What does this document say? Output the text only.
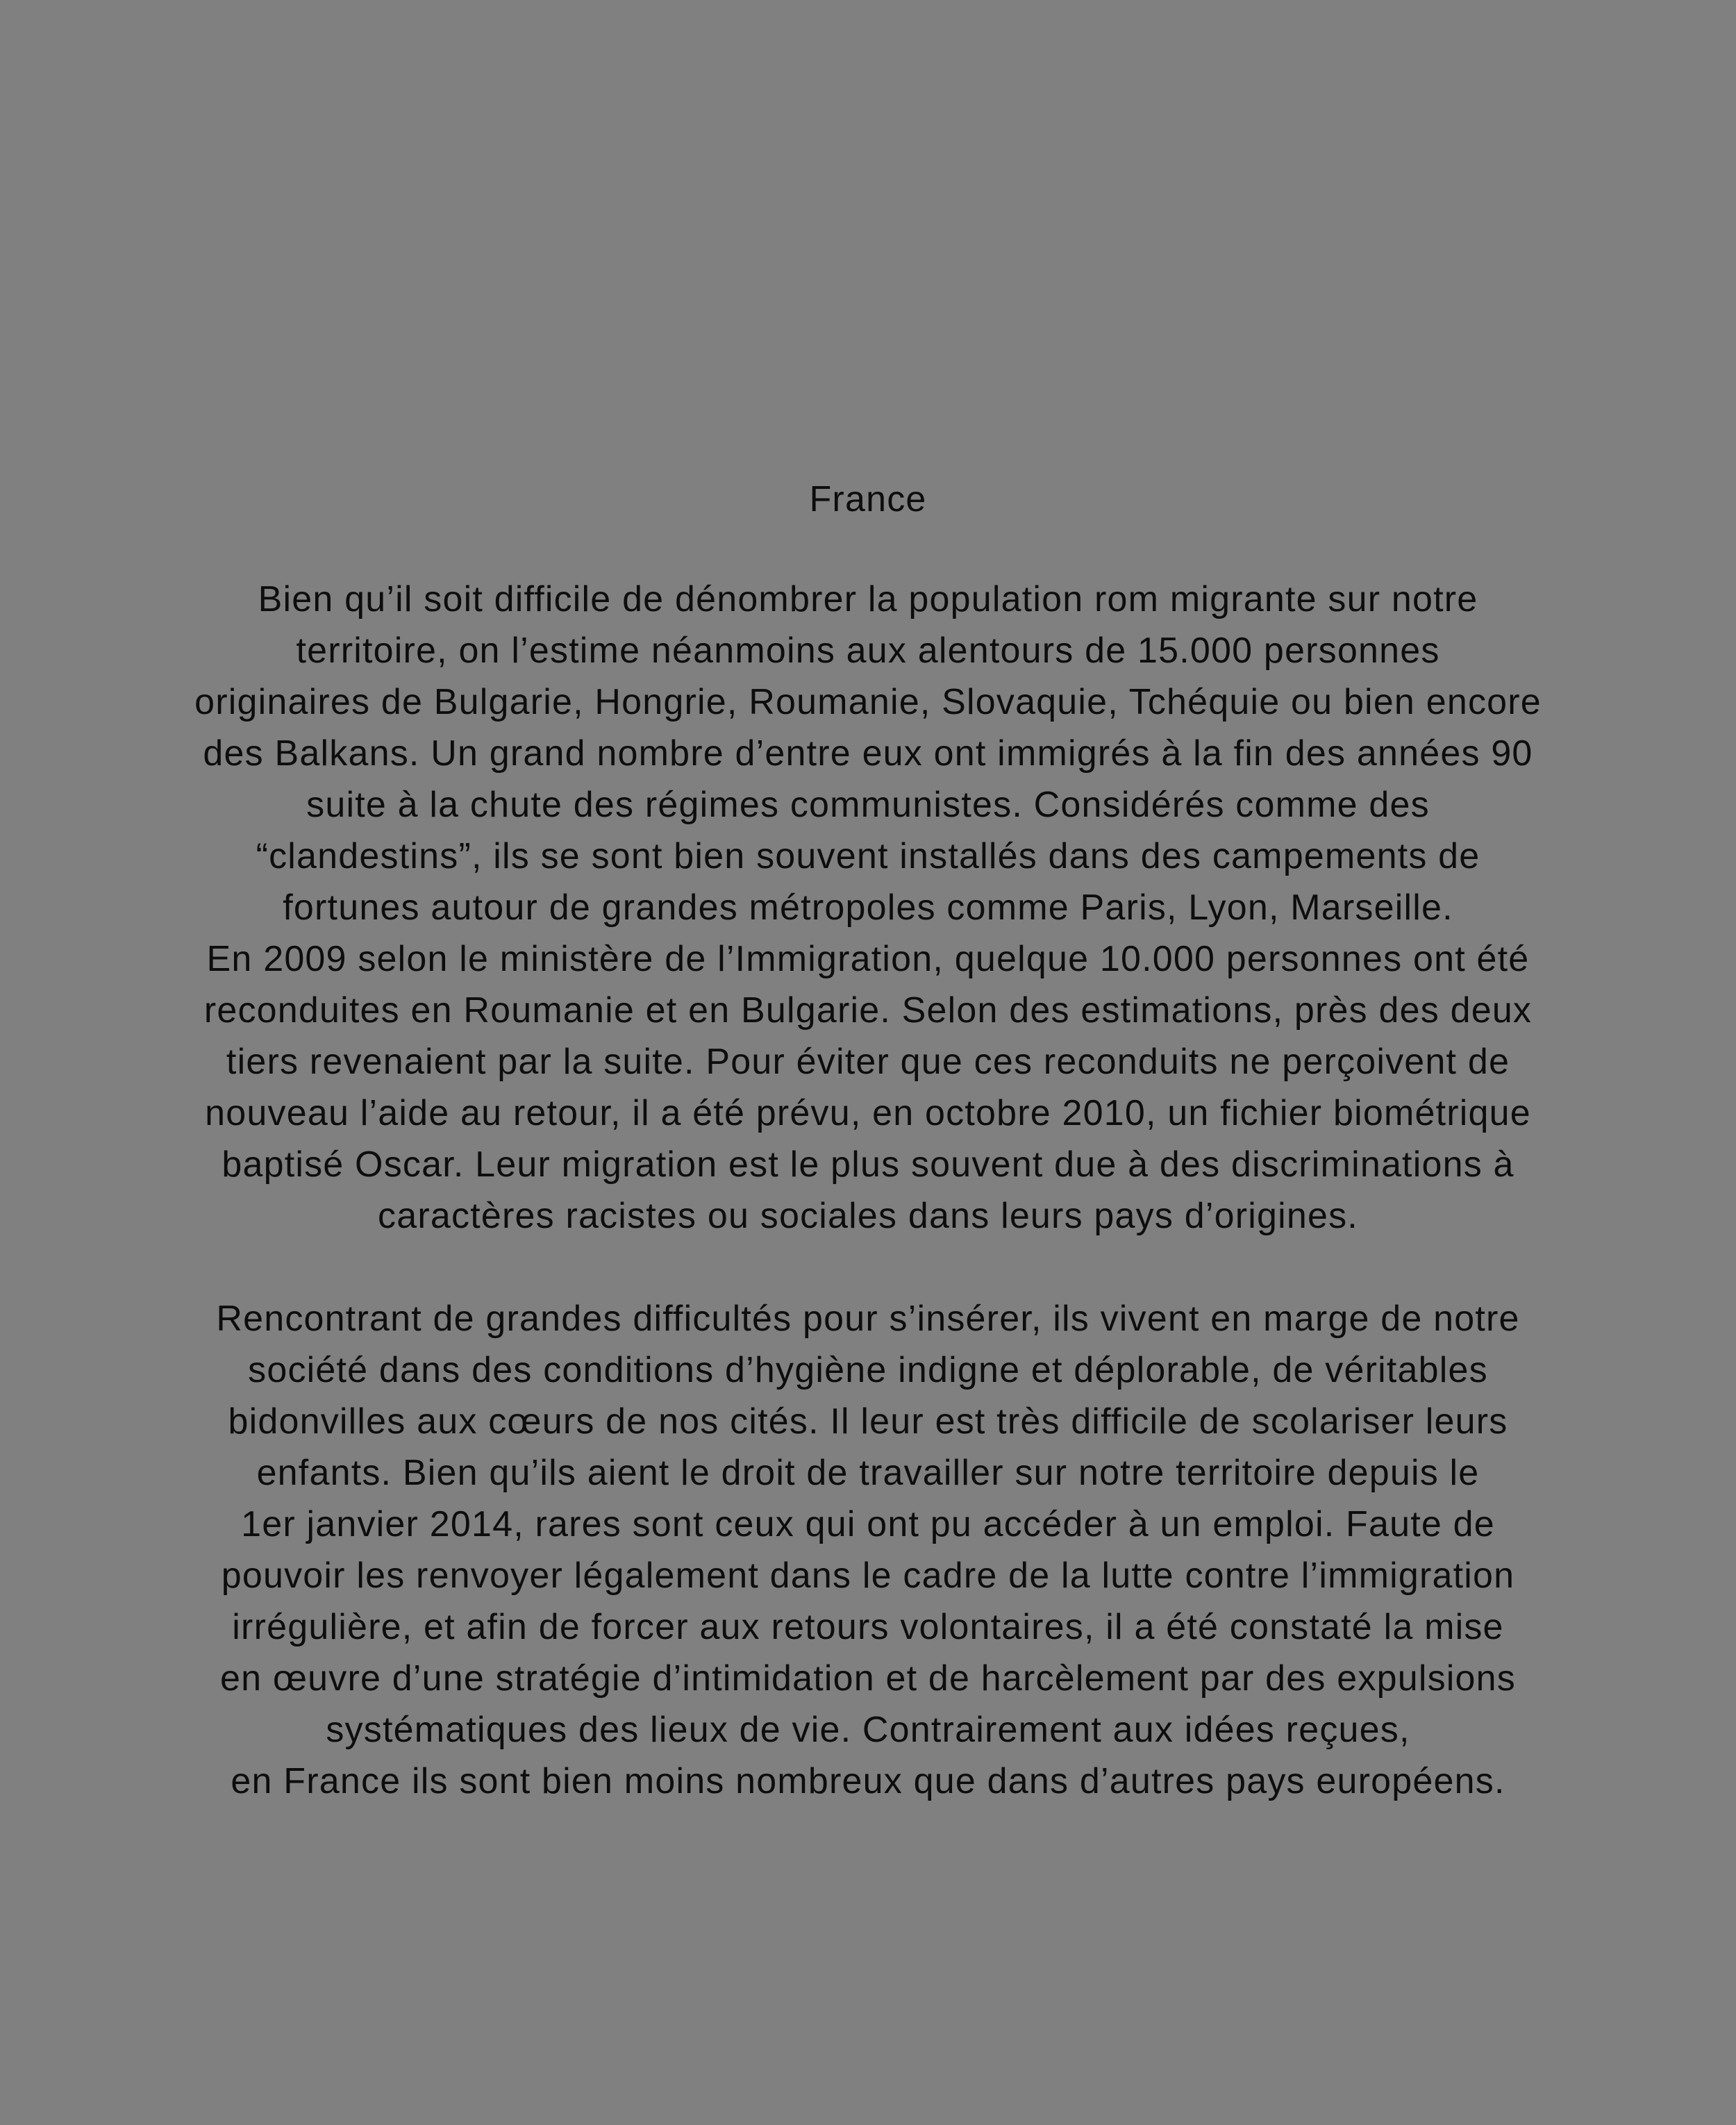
France
Bien qu’il soit difficile de dénombrer la population rom migrante sur notre
territoire, on l’estime néanmoins aux alentours de 15.000 personnes
originaires de Bulgarie, Hongrie, Roumanie, Slovaquie, Tchéquie ou bien encore
des Balkans. Un grand nombre d’entre eux ont immigrés à la fin des années 90
suite à la chute des régimes communistes. Considérés comme des
“clandestins”, ils se sont bien souvent installés dans des campements de
fortunes autour de grandes métropoles comme Paris, Lyon, Marseille.
En 2009 selon le ministère de l’Immigration, quelque 10.000 personnes ont été
reconduites en Roumanie et en Bulgarie. Selon des estimations, près des deux
tiers revenaient par la suite. Pour éviter que ces reconduits ne perçoivent de
nouveau l’aide au retour, il a été prévu, en octobre 2010, un fichier biométrique
baptisé Oscar. Leur migration est le plus souvent due à des discriminations à
caractères racistes ou sociales dans leurs pays d’origines.
Rencontrant de grandes difficultés pour s’insérer, ils vivent en marge de notre
société dans des conditions d’hygiène indigne et déplorable, de véritables
bidonvilles aux cœurs de nos cités. Il leur est très difficile de scolariser leurs
enfants. Bien qu’ils aient le droit de travailler sur notre territoire depuis le
1er janvier 2014, rares sont ceux qui ont pu accéder à un emploi. Faute de
pouvoir les renvoyer légalement dans le cadre de la lutte contre l’immigration
irrégulière, et afin de forcer aux retours volontaires, il a été constaté la mise
en œuvre d’une stratégie d’intimidation et de harcèlement par des expulsions
systématiques des lieux de vie. Contrairement aux idées reçues,
en France ils sont bien moins nombreux que dans d’autres pays européens.
